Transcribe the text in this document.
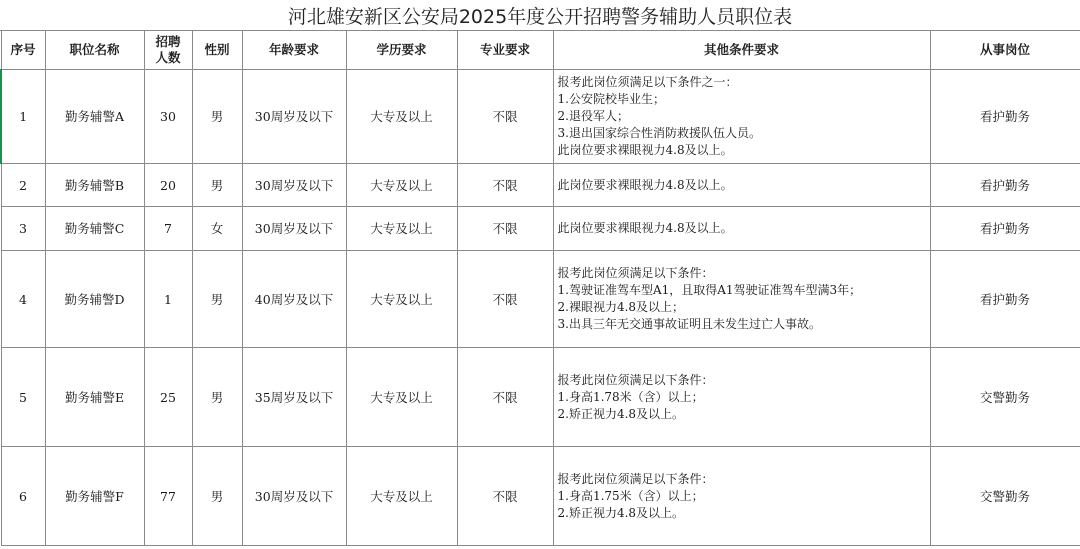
河北雄安新区公安局2025年度公开招聘警务辅助人员职位表
序号	职位名称	招聘
人数	性别	年龄要求	学历要求	专业要求	其他条件要求	从事岗位
1	勤务辅警A	30	男	30周岁及以下	大专及以上	不限	报考此岗位须满足以下条件之一：
1.公安院校毕业生；
2.退役军人；
3.退出国家综合性消防救援队伍人员。
此岗位要求裸眼视力4.8及以上。	看护勤务
2	勤务辅警B	20	男	30周岁及以下	大专及以上	不限	此岗位要求裸眼视力4.8及以上。	看护勤务
3	勤务辅警C	7	女	30周岁及以下	大专及以上	不限	此岗位要求裸眼视力4.8及以上。	看护勤务
4	勤务辅警D	1	男	40周岁及以下	大专及以上	不限	报考此岗位须满足以下条件：
1.驾驶证准驾车型A1，且取得A1驾驶证准驾车型满3年；
2.裸眼视力4.8及以上；
3.出具三年无交通事故证明且未发生过亡人事故。	看护勤务
5	勤务辅警E	25	男	35周岁及以下	大专及以上	不限	报考此岗位须满足以下条件：
1.身高1.78米（含）以上；
2.矫正视力4.8及以上。	交警勤务
6	勤务辅警F	77	男	30周岁及以下	大专及以上	不限	报考此岗位须满足以下条件：
1.身高1.75米（含）以上；
2.矫正视力4.8及以上。	交警勤务
